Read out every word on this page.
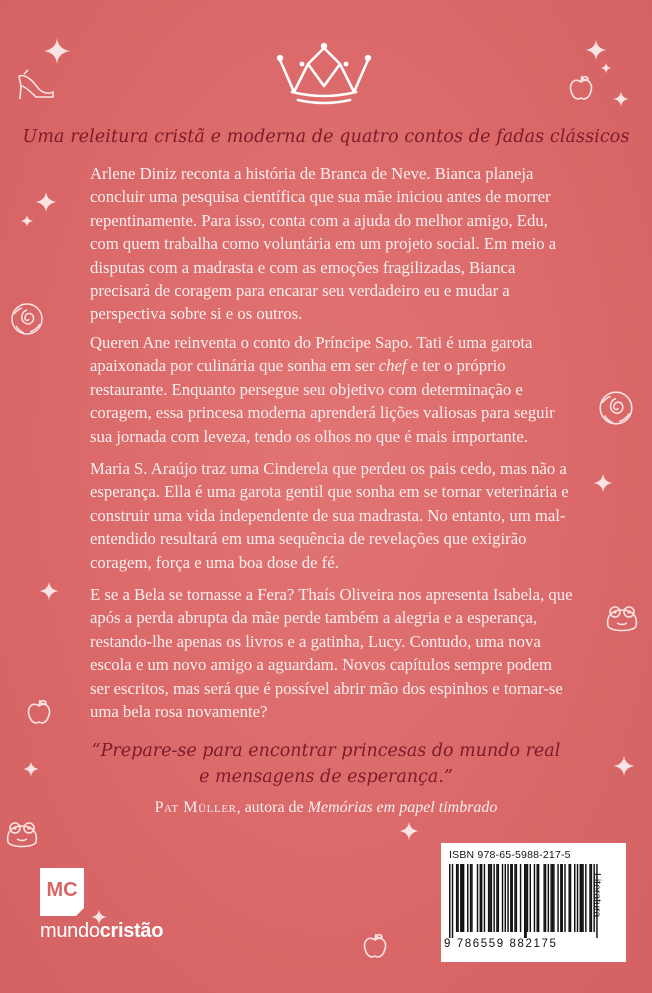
Uma releitura cristã e moderna de quatro contos de fadas clássicos

Arlene Diniz reconta a história de Branca de Neve. Bianca planeja concluir uma pesquisa científica que sua mãe iniciou antes de morrer repentinamente. Para isso, conta com a ajuda do melhor amigo, Edu, com quem trabalha como voluntária em um projeto social. Em meio a disputas com a madrasta e com as emoções fragilizadas, Bianca precisará de coragem para encarar seu verdadeiro eu e mudar a perspectiva sobre si e os outros.

Queren Ane reinventa o conto do Príncipe Sapo. Tati é uma garota apaixonada por culinária que sonha em ser chef e ter o próprio restaurante. Enquanto persegue seu objetivo com determinação e coragem, essa princesa moderna aprenderá lições valiosas para seguir sua jornada com leveza, tendo os olhos no que é mais importante.

Maria S. Araújo traz uma Cinderela que perdeu os pais cedo, mas não a esperança. Ella é uma garota gentil que sonha em se tornar veterinária e construir uma vida independente de sua madrasta. No entanto, um mal-entendido resultará em uma sequência de revelações que exigirão coragem, força e uma boa dose de fé.

E se a Bela se tornasse a Fera? Thaís Oliveira nos apresenta Isabela, que após a perda abrupta da mãe perde também a alegria e a esperança, restando-lhe apenas os livros e a gatinha, Lucy. Contudo, uma nova escola e um novo amigo a aguardam. Novos capítulos sempre podem ser escritos, mas será que é possível abrir mão dos espinhos e tornar-se uma bela rosa novamente?

“Prepare-se para encontrar princesas do mundo real
e mensagens de esperança.”
Pat Müller, autora de Memórias em papel timbrado
ISBN 978-65-5988-217-5
9 786559 882175
Literatura
MC
mundocristão
